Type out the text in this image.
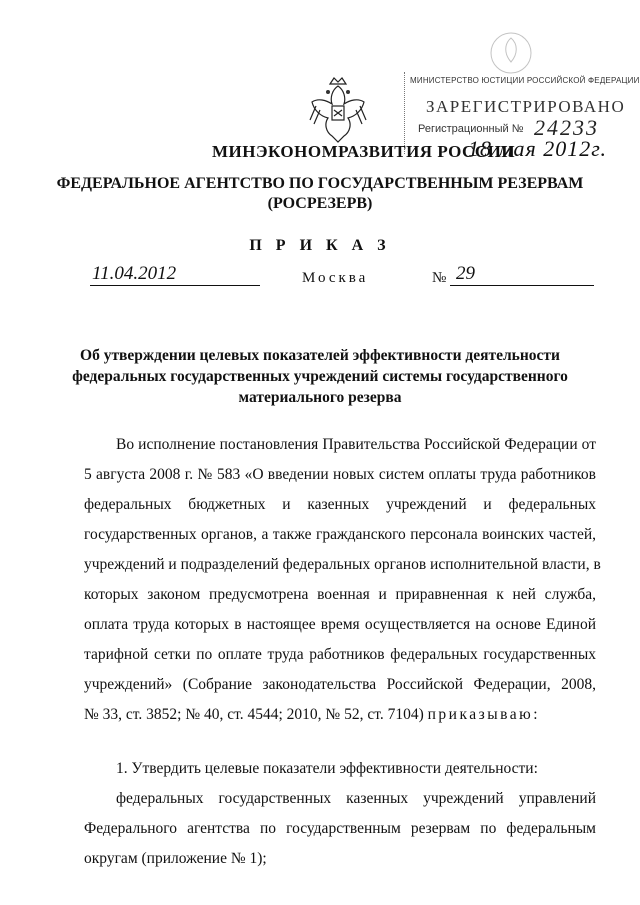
МИНИСТЕРСТВО ЮСТИЦИИ РОССИЙСКОЙ ФЕДЕРАЦИИ
ЗАРЕГИСТРИРОВАНО
Регистрационный № 24233
МИНЭКОНОМРАЗВИТИЯ РОССИИ
18 мая 2012г.
ФЕДЕРАЛЬНОЕ АГЕНТСТВО ПО ГОСУДАРСТВЕННЫМ РЕЗЕРВАМ
(РОСРЕЗЕРВ)
П Р И К А З
11.04.2012	Москва	№ 29
Об утверждении целевых показателей эффективности деятельности
федеральных государственных учреждений системы государственного
материального резерва
Во исполнение постановления Правительства Российской Федерации от
5 августа 2008 г. № 583 «О введении новых систем оплаты труда работников
федеральных бюджетных и казенных учреждений и федеральных
государственных органов, а также гражданского персонала воинских частей,
учреждений и подразделений федеральных органов исполнительной власти, в
которых законом предусмотрена военная и приравненная к ней служба,
оплата труда которых в настоящее время осуществляется на основе Единой
тарифной сетки по оплате труда работников федеральных государственных
учреждений» (Собрание законодательства Российской Федерации, 2008,
№ 33, ст. 3852; № 40, ст. 4544; 2010, № 52, ст. 7104) приказываю:
1. Утвердить целевые показатели эффективности деятельности:
федеральных государственных казенных учреждений управлений
Федерального агентства по государственным резервам по федеральным
округам (приложение № 1);
